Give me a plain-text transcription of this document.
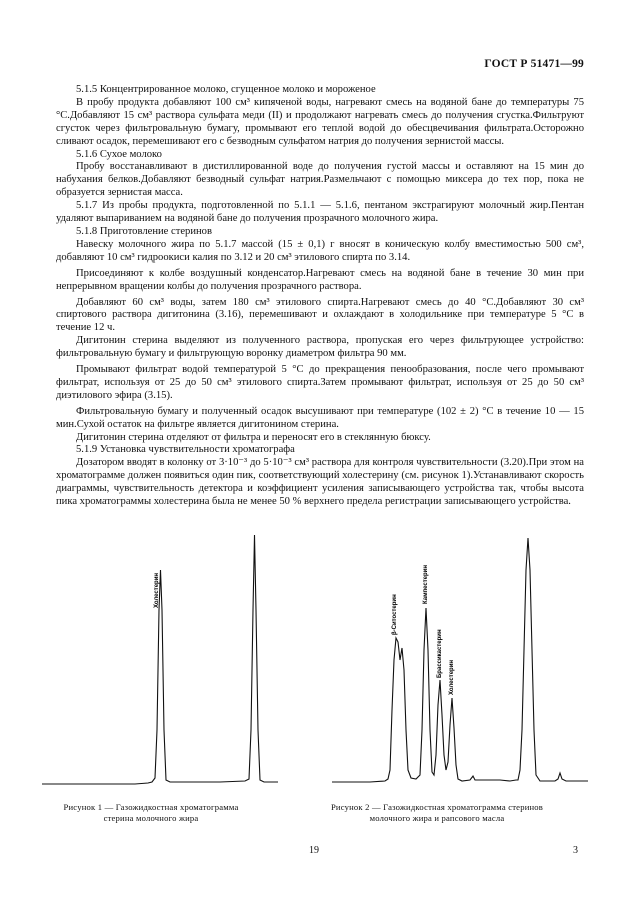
ГОСТ Р 51471—99

5.1.5 Концентрированное молоко, сгущенное молоко и мороженое

В пробу продукта добавляют 100 см³ кипяченой воды, нагревают смесь на водяной бане до температуры 75 °С.Добавляют 15 см³ раствора сульфата меди (II) и продолжают нагревать смесь до получения сгустка.Фильтруют сгусток через фильтровальную бумагу, промывают его теплой водой до обесцвечивания фильтрата.Осторожно сливают осадок, перемешивают его с безводным сульфатом натрия до получения зернистой массы.

5.1.6 Сухое молоко

Пробу восстанавливают в дистиллированной воде до получения густой массы и оставляют на 15 мин до набухания белков.Добавляют безводный сульфат натрия.Размельчают с помощью миксера до тех пор, пока не образуется зернистая масса.

5.1.7 Из пробы продукта, подготовленной по 5.1.1 — 5.1.6, пентаном экстрагируют молочный жир.Пентан удаляют выпариванием на водяной бане до получения прозрачного молочного жира.

5.1.8 Приготовление стеринов

Навеску молочного жира по 5.1.7 массой (15 ± 0,1) г вносят в коническую колбу вместимостью 500 см³, добавляют 10 см³ гидроокиси калия по 3.12 и 20 см³ этилового спирта по 3.14.

Присоединяют к колбе воздушный конденсатор.Нагревают смесь на водяной бане в течение 30 мин при непрерывном вращении колбы до получения прозрачного раствора.

Добавляют 60 см³ воды, затем 180 см³ этилового спирта.Нагревают смесь до 40 °С.Добавляют 30 см³ спиртового раствора дигитонина (3.16), перемешивают и охлаждают в холодильнике при температуре 5 °С в течение 12 ч.

Дигитонин стерина выделяют из полученного раствора, пропуская его через фильтрующее устройство: фильтровальную бумагу и фильтрующую воронку диаметром фильтра 90 мм.

Промывают фильтрат водой температурой 5 °С до прекращения пенообразования, после чего промывают фильтрат, используя от 25 до 50 см³ этилового спирта.Затем промывают фильтрат, используя от 25 до 50 см³ диэтилового эфира (3.15).

Фильтровальную бумагу и полученный осадок высушивают при температуре (102 ± 2) °С в течение 10 — 15 мин.Сухой остаток на фильтре является дигитонином стерина.

Дигитонин стерина отделяют от фильтра и переносят его в стеклянную бюксу.

5.1.9 Установка чувствительности хроматографа

Дозатором вводят в колонку от 3·10⁻³ до 5·10⁻³ см³ раствора для контроля чувствительности (3.20).При этом на хроматограмме должен появиться один пик, соответствующий холестерину (см. рисунок 1).Устанавливают скорость диаграммы, чувствительность детектора и коэффициент усиления записывающего устройства так, чтобы высота пика хроматограммы холестерина была не менее 50 % верхнего предела регистрации записывающего устройства.

Холестерин
Рисунок 1 — Газожидкостная хроматограмма
стерина молочного жира
β-Ситостерин
Кампестерин
Брассикастерин Холестерин
Рисунок 2 — Газожидкостная хроматограмма стеринов
молочного жира и рапсового масла
19	3
